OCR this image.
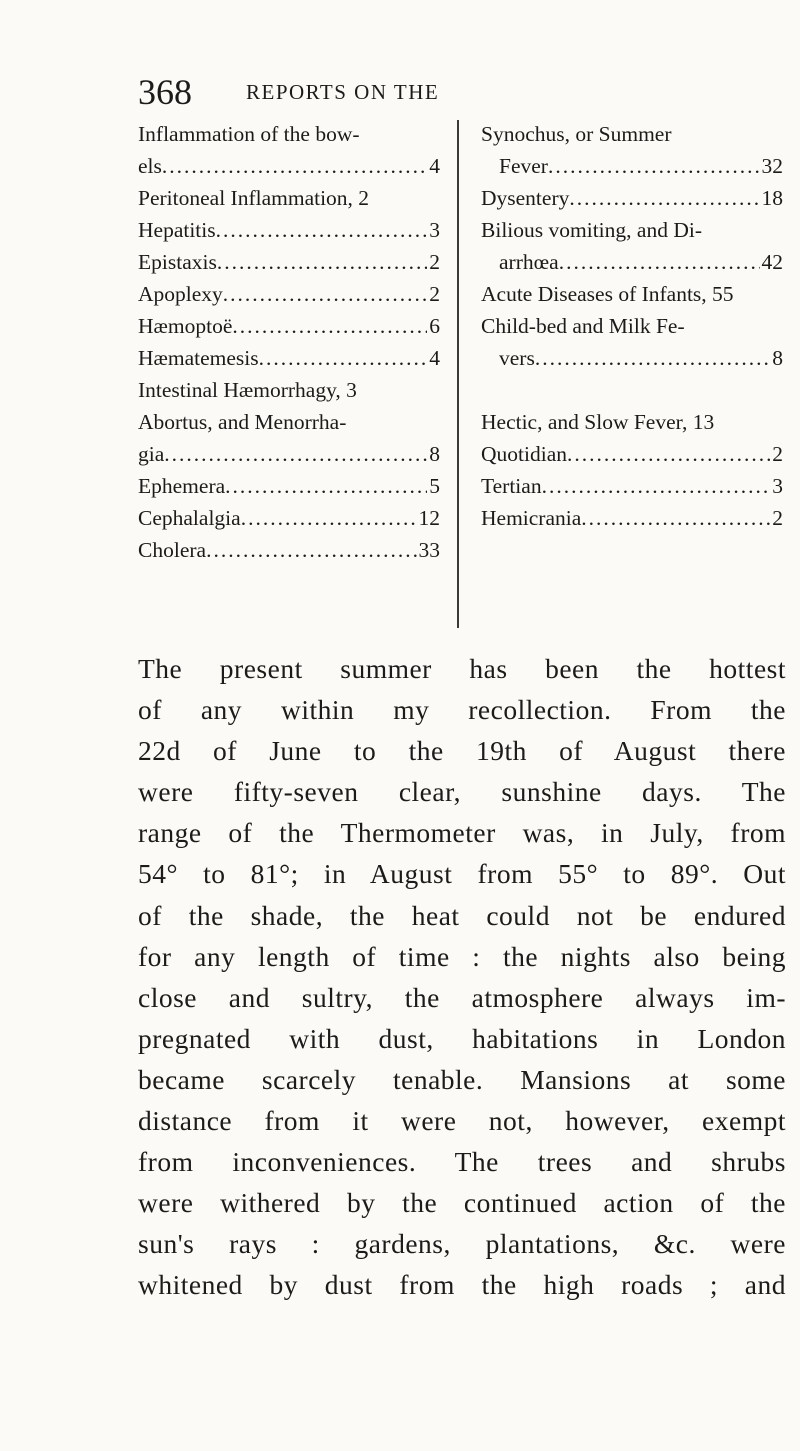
368	REPORTS ON THE
Inflammation of the bow-
els .....	4
Peritoneal Inflammation, 2
Hepatitis .....	3
Epistaxis .....	2
Apoplexy .....	2
Hæmoptoë .....	6
Hæmatemesis .....	4
Intestinal Hæmorrhagy, 3
Abortus, and Menorrha-
gia .....	8
Ephemera .....	5
Cephalalgia .....	12
Cholera .....	33
Synochus, or Summer
Fever .....	32
Dysentery .....	18
Bilious vomiting, and Di-
arrhœa .....	42
Acute Diseases of Infants, 55
Child-bed and Milk Fe-
vers .....	8
Hectic, and Slow Fever, 13
Quotidian .....	2
Tertian .....	3
Hemicrania .....	2
The present summer has been the hottest
of any within my recollection. From the
22d of June to the 19th of August there
were fifty-seven clear, sunshine days. The
range of the Thermometer was, in July, from
54° to 81°; in August from 55° to 89°. Out
of the shade, the heat could not be endured
for any length of time : the nights also being
close and sultry, the atmosphere always im-
pregnated with dust, habitations in London
became scarcely tenable. Mansions at some
distance from it were not, however, exempt
from inconveniences. The trees and shrubs
were withered by the continued action of the
sun's rays : gardens, plantations, &c. were
whitened by dust from the high roads ; and
